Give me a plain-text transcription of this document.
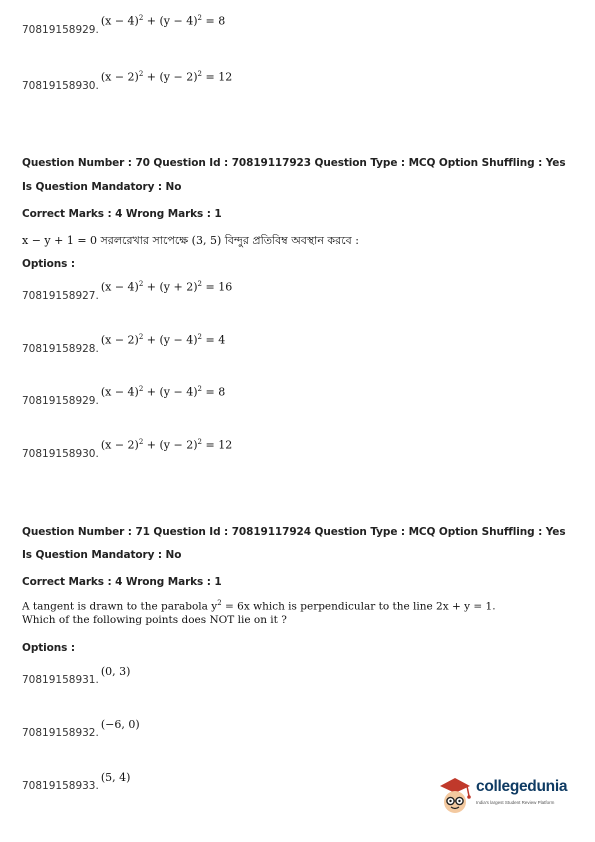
$70819158929.(x - 4)^2 + (y - 4)^2 = 8$
$70819158930.(x - 2)^2 + (y - 2)^2 = 12$
Question Number : 70 Question Id : 70819117923 Question Type : MCQ Option Shuffling : Yes
Is Question Mandatory : No
Correct Marks : 4 Wrong Marks : 1
x − y + 1 = 0 সরলরেখার সাপেক্ষে (3, 5) বিন্দুর প্রতিবিম্ব অবস্থান করবে :
Options :
$70819158927.(x - 4)^2 + (y + 2)^2 = 16$
$70819158928.(x - 2)^2 + (y - 4)^2 = 4$
$70819158929.(x - 4)^2 + (y - 4)^2 = 8$
$70819158930.(x - 2)^2 + (y - 2)^2 = 12$
Question Number : 71 Question Id : 70819117924 Question Type : MCQ Option Shuffling : Yes
Is Question Mandatory : No
Correct Marks : 4 Wrong Marks : 1
A tangent is drawn to the parabola $y^2 = 6x$ which is perpendicular to the line 2x + y = 1.
Which of the following points does NOT lie on it ?
Options :
70819158931.(0, 3)
70819158932.(−6, 0)
70819158933.(5, 4)
collegedunia
India's largest Student Review Platform
